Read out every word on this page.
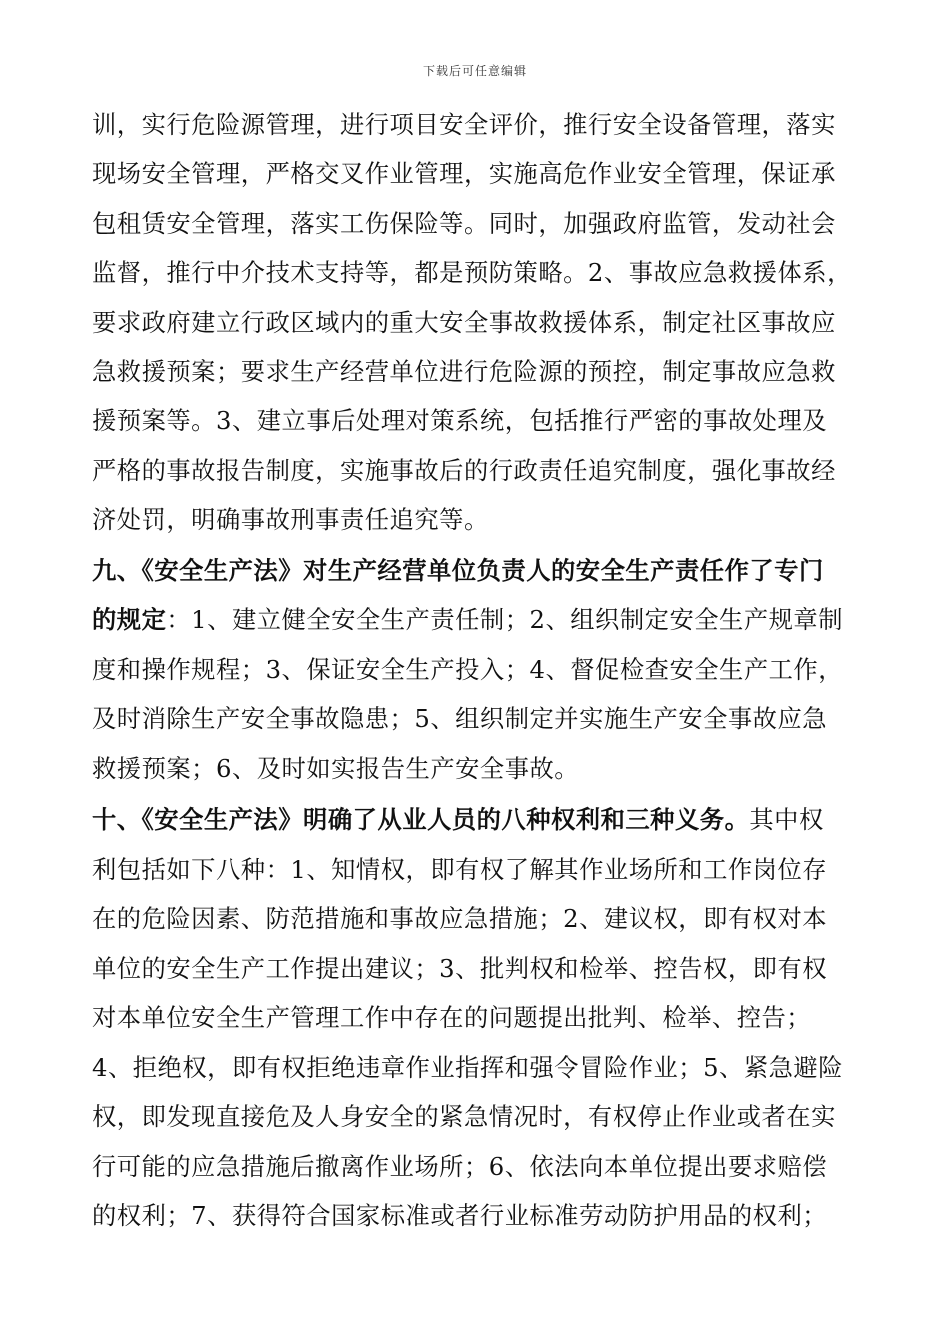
下载后可任意编辑
训，实行危险源管理，进行项目安全评价，推行安全设备管理，落实
现场安全管理，严格交叉作业管理，实施高危作业安全管理，保证承
包租赁安全管理，落实工伤保险等。同时，加强政府监管，发动社会
监督，推行中介技术支持等，都是预防策略。2、事故应急救援体系，
要求政府建立行政区域内的重大安全事故救援体系，制定社区事故应
急救援预案；要求生产经营单位进行危险源的预控，制定事故应急救
援预案等。3、建立事后处理对策系统，包括推行严密的事故处理及
严格的事故报告制度，实施事故后的行政责任追究制度，强化事故经
济处罚，明确事故刑事责任追究等。
九、《安全生产法》对生产经营单位负责人的安全生产责任作了专门
的规定：1、建立健全安全生产责任制；2、组织制定安全生产规章制
度和操作规程；3、保证安全生产投入；4、督促检查安全生产工作，
及时消除生产安全事故隐患；5、组织制定并实施生产安全事故应急
救援预案；6、及时如实报告生产安全事故。
十、《安全生产法》明确了从业人员的八种权利和三种义务。其中权
利包括如下八种：1、知情权，即有权了解其作业场所和工作岗位存
在的危险因素、防范措施和事故应急措施；2、建议权，即有权对本
单位的安全生产工作提出建议；3、批判权和检举、控告权，即有权
对本单位安全生产管理工作中存在的问题提出批判、检举、控告；
4、拒绝权，即有权拒绝违章作业指挥和强令冒险作业；5、紧急避险
权，即发现直接危及人身安全的紧急情况时，有权停止作业或者在实
行可能的应急措施后撤离作业场所；6、依法向本单位提出要求赔偿
的权利；7、获得符合国家标准或者行业标准劳动防护用品的权利；
